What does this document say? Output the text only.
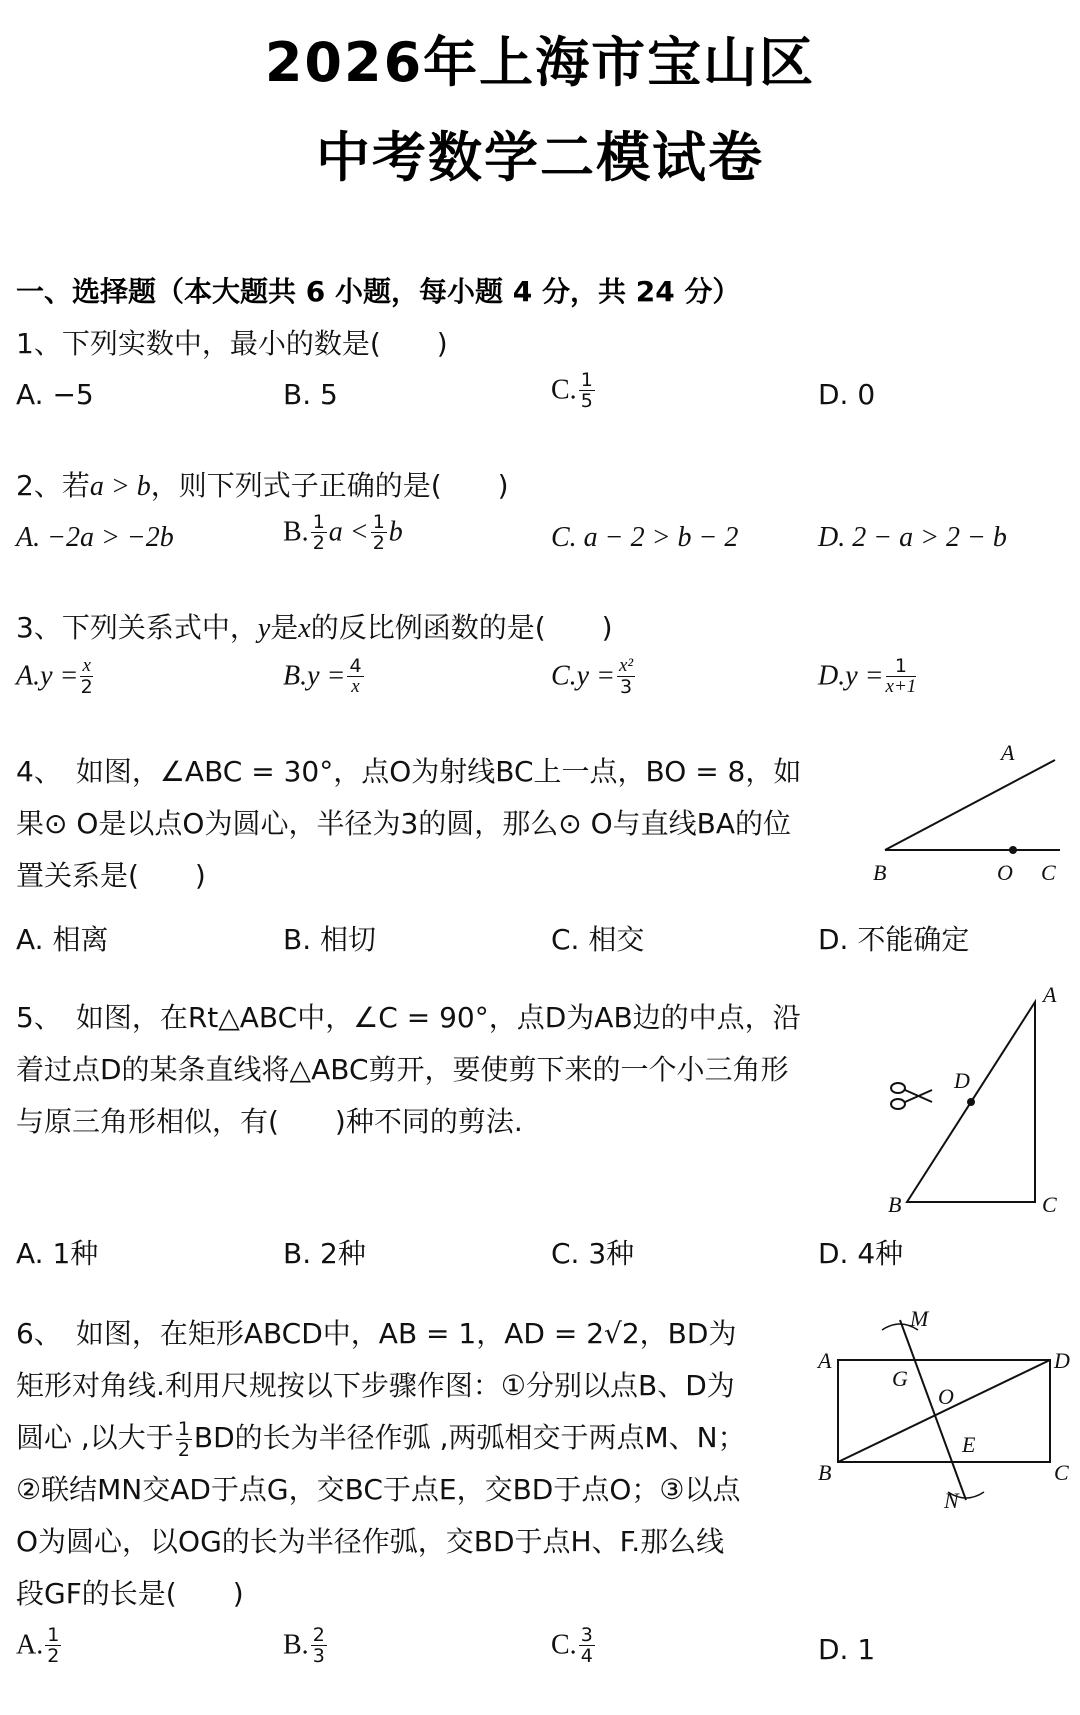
2026年上海市宝山区
中考数学二模试卷
一、选择题（本大题共 6 小题，每小题 4 分，共 24 分）
1、下列实数中，最小的数是(　　)
A. −5	B. 5	C. $\frac{1}{5}$	D. 0
2、若a > b，则下列式子正确的是(　　)
A. −2a > −2b	B. $\frac{1}{2}$ $a < \frac{1}{2}$ b	C. a − 2 > b − 2	D. 2 − a > 2 − b
3、下列关系式中，y是x的反比例函数的是(　　)
$A.y = \frac{x}{2}$	$B.y = \frac{4}{x}$	$C.y = \frac{\text{x²}}{3}$	$D.y = \frac{1}{x+1}$
4、　如图，∠ABC = 30°，点O为射线BC上一点，BO = 8，如
果⊙ O是以点O为圆心，半径为3的圆，那么⊙ O与直线BA的位
置关系是(　　)
A
B	O C
A. 相离	B. 相切	C. 相交	D. 不能确定
5、　如图，在Rt△ABC中，∠C = 90°，点D为AB边的中点，沿
着过点D的某条直线将△ABC剪开，要使剪下来的一个小三角形
与原三角形相似，有(　　)种不同的剪法.
A
B	C
D
A. 1种	B. 2种	C. 3种	D. 4种
6、　如图，在矩形ABCD中，AB = 1，AD = 2√2，BD为
矩形对角线.利用尺规按以下步骤作图：①分别以点B、D为
圆心 ,以大于 $\frac{1}{2}$ BD的长为半径作弧 ,两弧相交于两点M、N；
②联结MN交AD于点G，交BC于点E，交BD于点O；③以点
O为圆心，以OG的长为半径作弧，交BD于点H、F.那么线
段GF的长是(　　)
A
B	C
D
G
O
E
M
N
A. $\frac{1}{2}$	B. $\frac{2}{3}$	C. $\frac{3}{4}$	D. 1
